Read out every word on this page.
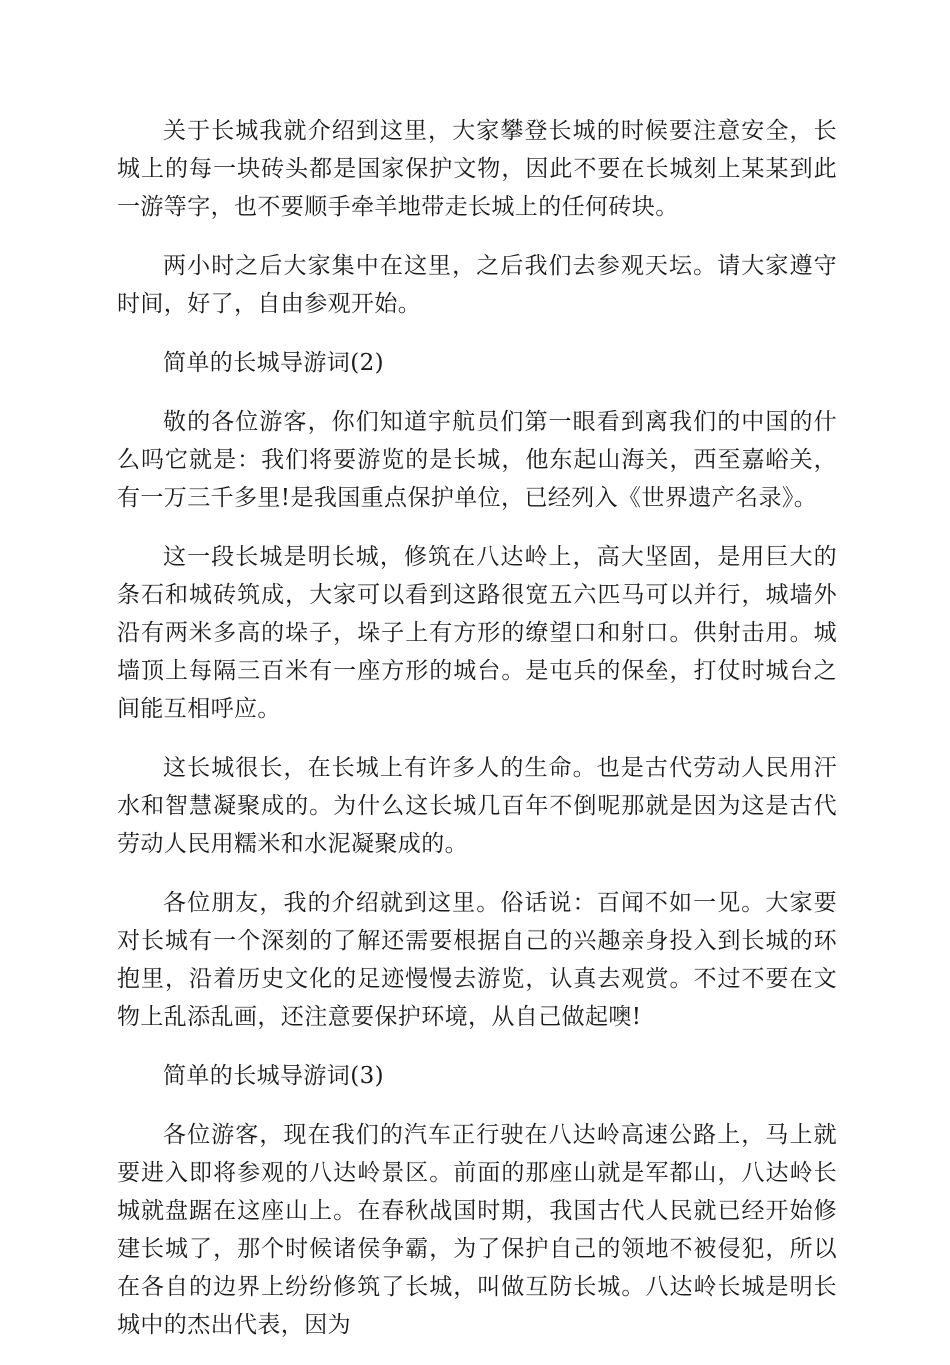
关于长城我就介绍到这里，大家攀登长城的时候要注意安全，长城上的每一块砖头都是国家保护文物，因此不要在长城刻上某某到此一游等字，也不要顺手牵羊地带走长城上的任何砖块。

两小时之后大家集中在这里，之后我们去参观天坛。请大家遵守时间，好了，自由参观开始。

简单的长城导游词(2)

敬的各位游客，你们知道宇航员们第一眼看到离我们的中国的什么吗它就是：我们将要游览的是长城，他东起山海关，西至嘉峪关，有一万三千多里!是我国重点保护单位，已经列入《世界遗产名录》。

这一段长城是明长城，修筑在八达岭上，高大坚固，是用巨大的条石和城砖筑成，大家可以看到这路很宽五六匹马可以并行，城墙外沿有两米多高的垛子，垛子上有方形的缭望口和射口。供射击用。城墙顶上每隔三百米有一座方形的城台。是屯兵的保垒，打仗时城台之间能互相呼应。

这长城很长，在长城上有许多人的生命。也是古代劳动人民用汗水和智慧凝聚成的。为什么这长城几百年不倒呢那就是因为这是古代劳动人民用糯米和水泥凝聚成的。

各位朋友，我的介绍就到这里。俗话说：百闻不如一见。大家要对长城有一个深刻的了解还需要根据自己的兴趣亲身投入到长城的环抱里，沿着历史文化的足迹慢慢去游览，认真去观赏。不过不要在文物上乱添乱画，还注意要保护环境，从自己做起噢!

简单的长城导游词(3)

各位游客，现在我们的汽车正行驶在八达岭高速公路上，马上就要进入即将参观的八达岭景区。前面的那座山就是军都山，八达岭长城就盘踞在这座山上。在春秋战国时期，我国古代人民就已经开始修建长城了，那个时候诸侯争霸，为了保护自己的领地不被侵犯，所以在各自的边界上纷纷修筑了长城，叫做互防长城。八达岭长城是明长城中的杰出代表，因为
